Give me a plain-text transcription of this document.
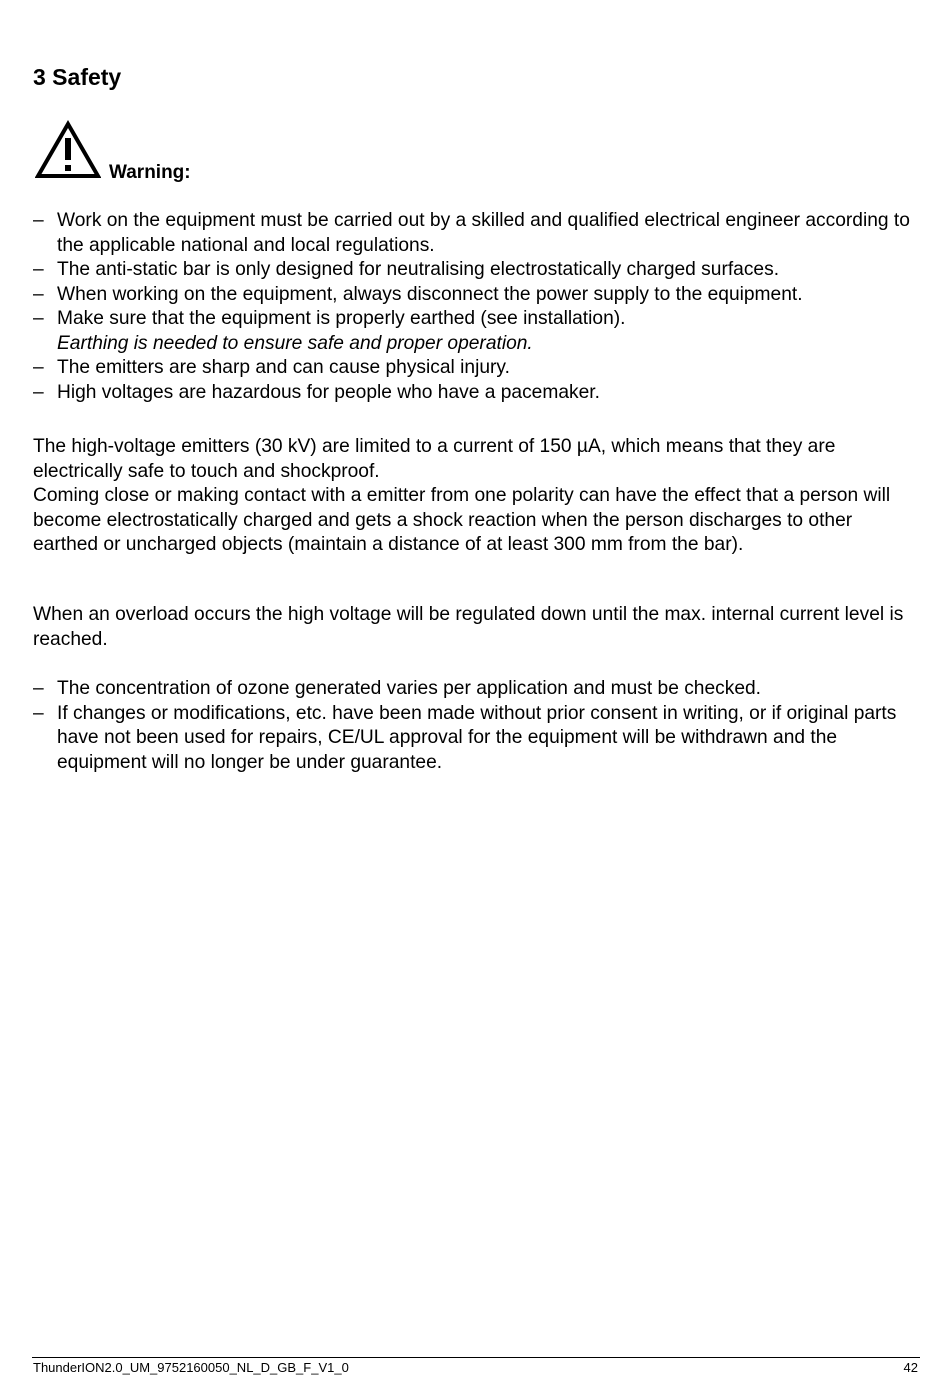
3 Safety
Warning:
– Work on the equipment must be carried out by a skilled and qualified electrical engineer according to the applicable national and local regulations.
– The anti-static bar is only designed for neutralising electrostatically charged surfaces.
– When working on the equipment, always disconnect the power supply to the equipment.
– Make sure that the equipment is properly earthed (see installation).
Earthing is needed to ensure safe and proper operation.
– The emitters are sharp and can cause physical injury.
– High voltages are hazardous for people who have a pacemaker.

The high-voltage emitters (30 kV) are limited to a current of 150 µA, which means that they are electrically safe to touch and shockproof.

Coming close or making contact with a emitter from one polarity can have the effect that a person will become electrostatically charged and gets a shock reaction when the person discharges to other earthed or uncharged objects (maintain a distance of at least 300 mm from the bar).

When an overload occurs the high voltage will be regulated down until the max. internal current level is reached.

– The concentration of ozone generated varies per application and must be checked.
– If changes or modifications, etc. have been made without prior consent in writing, or if original parts have not been used for repairs, CE/UL approval for the equipment will be withdrawn and the equipment will no longer be under guarantee.
ThunderION2.0_UM_9752160050_NL_D_GB_F_V1_0	42
